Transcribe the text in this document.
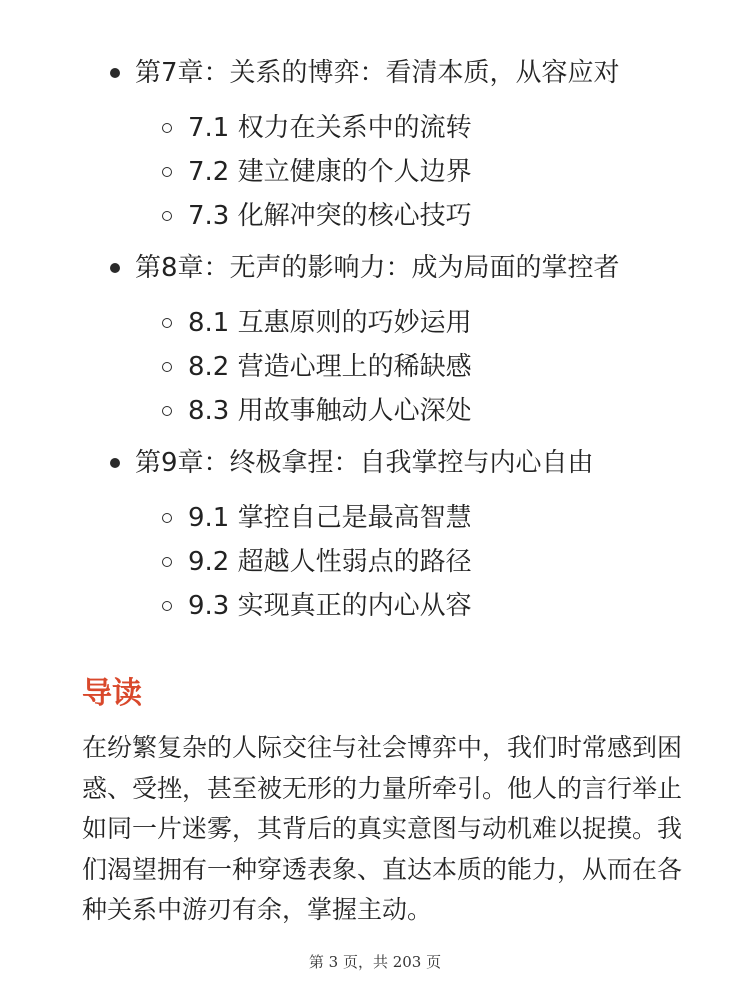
第7章：关系的博弈：看清本质，从容应对
7.1 权力在关系中的流转
7.2 建立健康的个人边界
7.3 化解冲突的核心技巧
第8章：无声的影响力：成为局面的掌控者
8.1 互惠原则的巧妙运用
8.2 营造心理上的稀缺感
8.3 用故事触动人心深处
第9章：终极拿捏：自我掌控与内心自由
9.1 掌控自己是最高智慧
9.2 超越人性弱点的路径
9.3 实现真正的内心从容
导读

在纷繁复杂的人际交往与社会博弈中，我们时常感到困惑、受挫，甚至被无形的力量所牵引。他人的言行举止如同一片迷雾，其背后的真实意图与动机难以捉摸。我们渴望拥有一种穿透表象、直达本质的能力，从而在各种关系中游刃有余，掌握主动。

第 3 页，共 203 页
